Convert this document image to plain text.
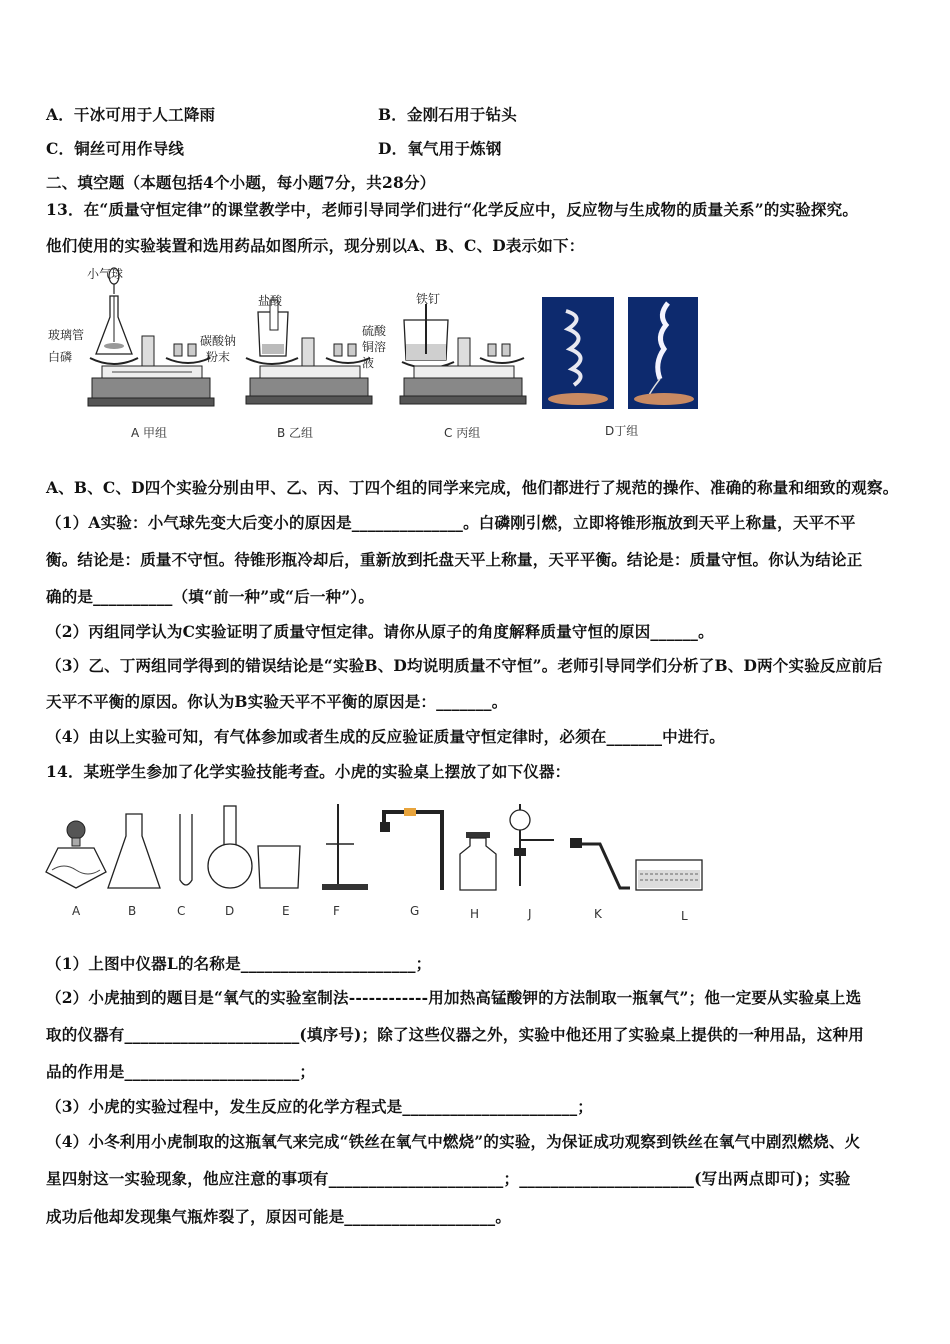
A．干冰可用于人工降雨	B．金刚石用于钻头
C．铜丝可用作导线	D．氧气用于炼钢
二、填空题（本题包括4个小题，每小题7分，共28分）
13．在“质量守恒定律”的课堂教学中，老师引导同学们进行“化学反应中，反应物与生成物的质量关系”的实验探究。
他们使用的实验装置和选用药品如图所示，现分别以A、B、C、D表示如下：
小气球
玻璃管
白磷
盐酸
碳酸钠
粉末
铁钉
硫酸
铜溶
液
A 甲组	B 乙组	C 丙组	D丁组
A、B、C、D四个实验分别由甲、乙、丙、丁四个组的同学来完成，他们都进行了规范的操作、准确的称量和细致的观察。
（1）A实验：小气球先变大后变小的原因是______________。白磷刚引燃，立即将锥形瓶放到天平上称量，天平不平
衡。结论是：质量不守恒。待锥形瓶冷却后，重新放到托盘天平上称量，天平平衡。结论是：质量守恒。你认为结论正
确的是__________（填“前一种”或“后一种”）。
（2）丙组同学认为C实验证明了质量守恒定律。请你从原子的角度解释质量守恒的原因______。
（3）乙、丁两组同学得到的错误结论是“实验B、D均说明质量不守恒”。老师引导同学们分析了B、D两个实验反应前后
天平不平衡的原因。你认为B实验天平不平衡的原因是：_______。
（4）由以上实验可知，有气体参加或者生成的反应验证质量守恒定律时，必须在_______中进行。
14．某班学生参加了化学实验技能考查。小虎的实验桌上摆放了如下仪器：
A	B	C	D	E	F	G	H	J	K	L
（1）上图中仪器L的名称是______________________；
（2）小虎抽到的题目是“氧气的实验室制法------------用加热高锰酸钾的方法制取一瓶氧气”；他一定要从实验桌上选
取的仪器有______________________(填序号)；除了这些仪器之外，实验中他还用了实验桌上提供的一种用品，这种用
品的作用是______________________；
（3）小虎的实验过程中，发生反应的化学方程式是______________________；
（4）小冬利用小虎制取的这瓶氧气来完成“铁丝在氧气中燃烧”的实验，为保证成功观察到铁丝在氧气中剧烈燃烧、火
星四射这一实验现象，他应注意的事项有______________________；______________________(写出两点即可)；实验
成功后他却发现集气瓶炸裂了，原因可能是___________________。
